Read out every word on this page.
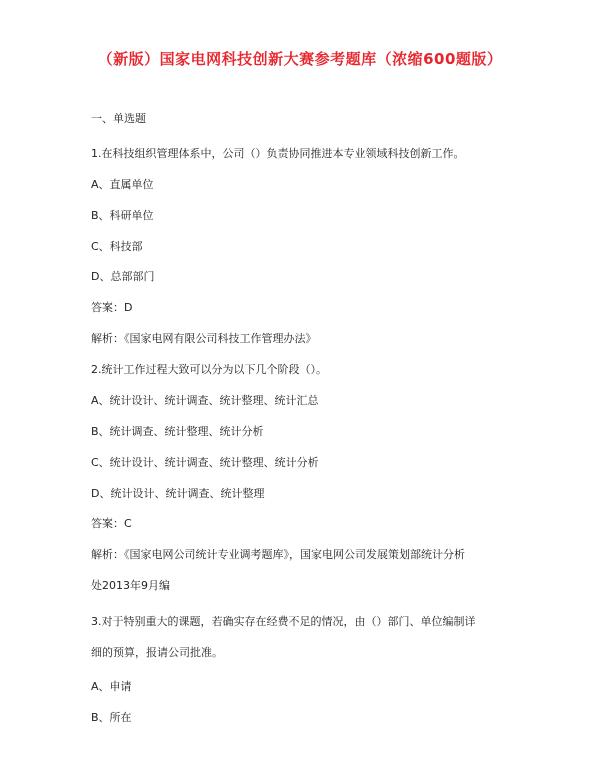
（新版）国家电网科技创新大赛参考题库（浓缩600题版）
一、单选题
1.在科技组织管理体系中，公司（）负责协同推进本专业领域科技创新工作。
A、直属单位
B、科研单位
C、科技部
D、总部部门
答案：D
解析：《国家电网有限公司科技工作管理办法》
2.统计工作过程大致可以分为以下几个阶段（）。
A、统计设计、统计调查、统计整理、统计汇总
B、统计调查、统计整理、统计分析
C、统计设计、统计调查、统计整理、统计分析
D、统计设计、统计调查、统计整理
答案：C
解析：《国家电网公司统计专业调考题库》，国家电网公司发展策划部统计分析
处2013年9月编
3.对于特别重大的课题，若确实存在经费不足的情况，由（）部门、单位编制详
细的预算，报请公司批准。
A、申请
B、所在
